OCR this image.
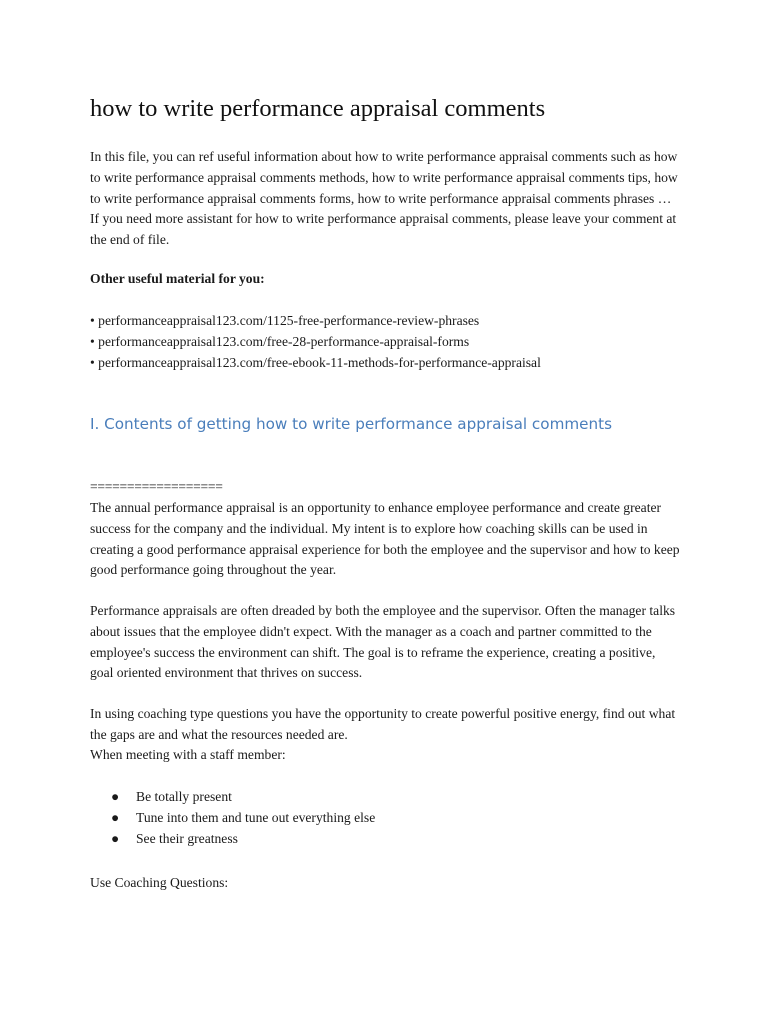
how to write performance appraisal comments

In this file, you can ref useful information about how to write performance appraisal comments such as how to write performance appraisal comments methods, how to write performance appraisal comments tips, how to write performance appraisal comments forms, how to write performance appraisal comments phrases … If you need more assistant for how to write performance appraisal comments, please leave your comment at the end of file.

Other useful material for you:

• performanceappraisal123.com/1125-free-performance-review-phrases
• performanceappraisal123.com/free-28-performance-appraisal-forms
• performanceappraisal123.com/free-ebook-11-methods-for-performance-appraisal
I. Contents of getting how to write performance appraisal comments

==================

The annual performance appraisal is an opportunity to enhance employee performance and create greater success for the company and the individual. My intent is to explore how coaching skills can be used in creating a good performance appraisal experience for both the employee and the supervisor and how to keep good performance going throughout the year.

Performance appraisals are often dreaded by both the employee and the supervisor. Often the manager talks about issues that the employee didn't expect. With the manager as a coach and partner committed to the employee's success the environment can shift. The goal is to reframe the experience, creating a positive, goal oriented environment that thrives on success.

In using coaching type questions you have the opportunity to create powerful positive energy, find out what the gaps are and what the resources needed are.

When meeting with a staff member:

● Be totally present
● Tune into them and tune out everything else
● See their greatness

Use Coaching Questions:
